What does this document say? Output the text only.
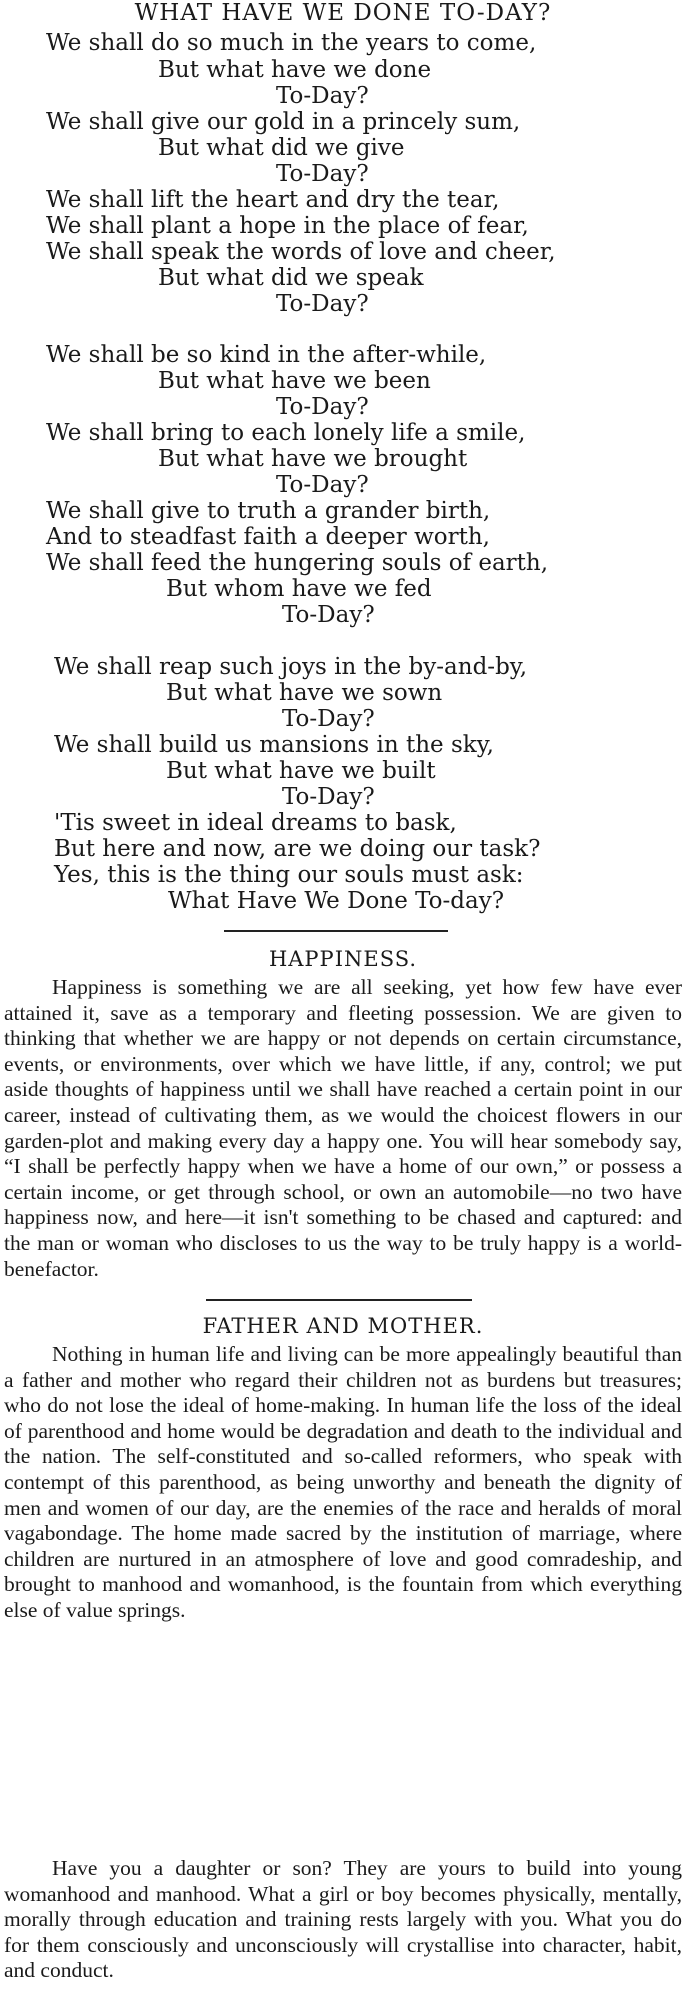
WHAT HAVE WE DONE TO-DAY?
We shall do so much in the years to come,
But what have we done
To-Day?
We shall give our gold in a princely sum,
But what did we give
To-Day?
We shall lift the heart and dry the tear,
We shall plant a hope in the place of fear,
We shall speak the words of love and cheer,
But what did we speak
To-Day?
We shall be so kind in the after-while,
But what have we been
To-Day?
We shall bring to each lonely life a smile,
But what have we brought
To-Day?
We shall give to truth a grander birth,
And to steadfast faith a deeper worth,
We shall feed the hungering souls of earth,
But whom have we fed
To-Day?
We shall reap such joys in the by-and-by,
But what have we sown
To-Day?
We shall build us mansions in the sky,
But what have we built
To-Day?
'Tis sweet in ideal dreams to bask,
But here and now, are we doing our task?
Yes, this is the thing our souls must ask:
What Have We Done To-day?
HAPPINESS.
Happiness is something we are all seeking, yet how few have ever attained it, save as a temporary and fleeting possession. We are given to thinking that whether we are happy or not depends on certain circumstance, events, or environments, over which we have little, if any, control; we put aside thoughts of happiness until we shall have reached a certain point in our career, instead of cultivating them, as we would the choicest flowers in our garden-plot and making every day a happy one. You will hear somebody say, “I shall be perfectly happy when we have a home of our own,” or possess a certain income, or get through school, or own an automobile—no two have happiness now, and here—it isn't something to be chased and captured: and the man or woman who discloses to us the way to be truly happy is a world-benefactor.
FATHER AND MOTHER.
Nothing in human life and living can be more appealingly beautiful than a father and mother who regard their children not as burdens but treasures; who do not lose the ideal of home-making. In human life the loss of the ideal of parenthood and home would be degradation and death to the individual and the nation. The self-constituted and so-called reformers, who speak with contempt of this parenthood, as being unworthy and beneath the dignity of men and women of our day, are the enemies of the race and heralds of moral vagabondage. The home made sacred by the institution of marriage, where children are nurtured in an atmosphere of love and good comradeship, and brought to manhood and womanhood, is the fountain from which everything else of value springs.
Have you a daughter or son? They are yours to build into young womanhood and manhood. What a girl or boy becomes physically, mentally, morally through education and training rests largely with you. What you do for them consciously and unconsciously will crystallise into character, habit, and conduct.
